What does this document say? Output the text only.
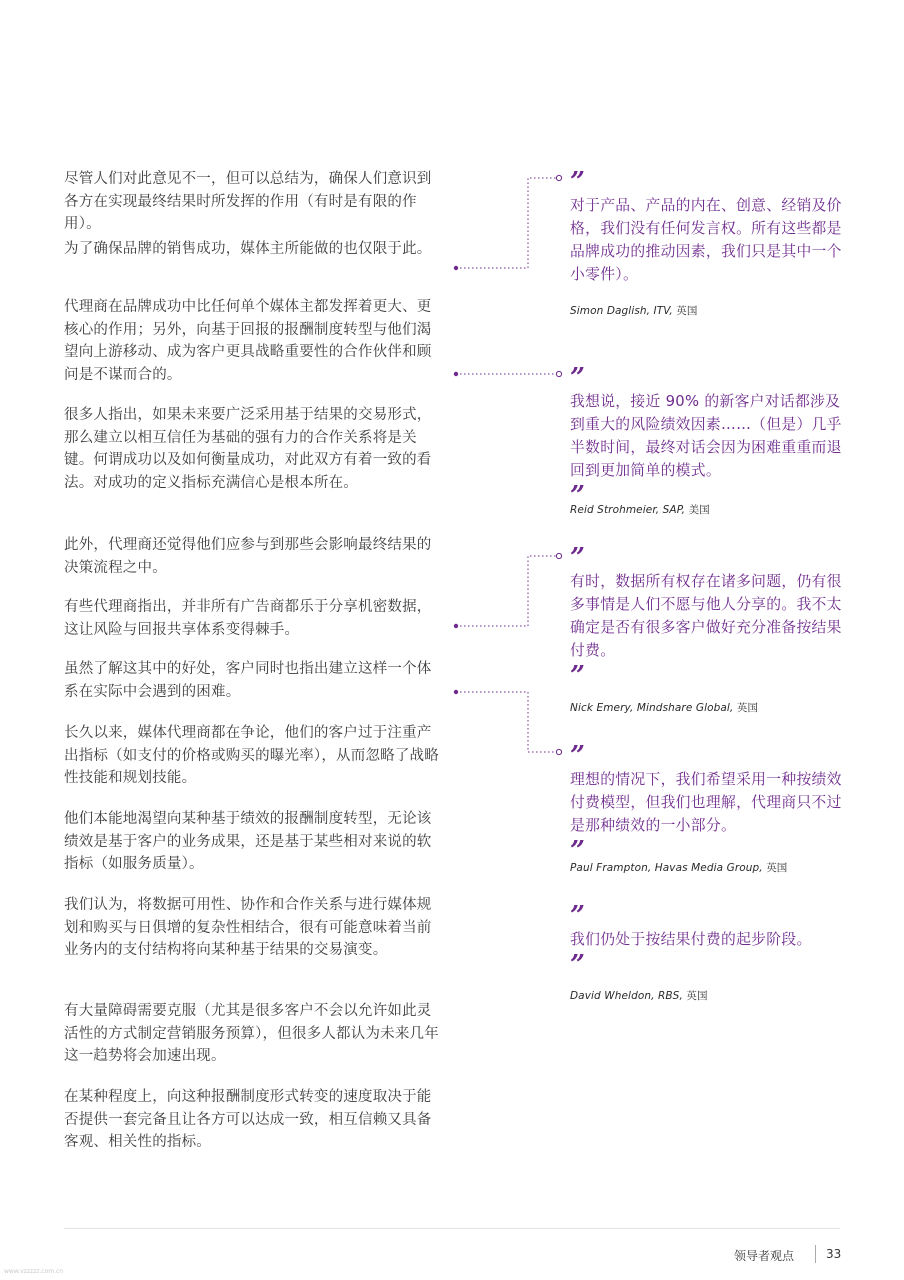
尽管人们对此意见不一，但可以总结为，确保人们意识到各方在实现最终结果时所发挥的作用（有时是有限的作用）。

为了确保品牌的销售成功，媒体主所能做的也仅限于此。

代理商在品牌成功中比任何单个媒体主都发挥着更大、更核心的作用；另外，向基于回报的报酬制度转型与他们渴望向上游移动、成为客户更具战略重要性的合作伙伴和顾问是不谋而合的。

很多人指出，如果未来要广泛采用基于结果的交易形式，那么建立以相互信任为基础的强有力的合作关系将是关键。何谓成功以及如何衡量成功，对此双方有着一致的看法。对成功的定义指标充满信心是根本所在。

此外，代理商还觉得他们应参与到那些会影响最终结果的决策流程之中。

有些代理商指出，并非所有广告商都乐于分享机密数据，这让风险与回报共享体系变得棘手。

虽然了解这其中的好处，客户同时也指出建立这样一个体系在实际中会遇到的困难。

长久以来，媒体代理商都在争论，他们的客户过于注重产出指标（如支付的价格或购买的曝光率），从而忽略了战略性技能和规划技能。

他们本能地渴望向某种基于绩效的报酬制度转型，无论该绩效是基于客户的业务成果，还是基于某些相对来说的软指标（如服务质量）。

我们认为，将数据可用性、协作和合作关系与进行媒体规划和购买与日俱增的复杂性相结合，很有可能意味着当前业务内的支付结构将向某种基于结果的交易演变。

有大量障碍需要克服（尤其是很多客户不会以允许如此灵活性的方式制定营销服务预算），但很多人都认为未来几年这一趋势将会加速出现。

在某种程度上，向这种报酬制度形式转变的速度取决于能否提供一套完备且让各方可以达成一致，相互信赖又具备客观、相关性的指标。

”

对于产品、产品的内在、创意、经销及价格，我们没有任何发言权。所有这些都是品牌成功的推动因素，我们只是其中一个小零件）。

Simon Daglish, ITV, 英国
”

我想说，接近 90% 的新客户对话都涉及到重大的风险绩效因素……（但是）几乎半数时间，最终对话会因为困难重重而退回到更加简单的模式。

”
Reid Strohmeier, SAP, 美国
”

有时，数据所有权存在诸多问题，仍有很多事情是人们不愿与他人分享的。我不太确定是否有很多客户做好充分准备按结果付费。

”
Nick Emery, Mindshare Global, 英国
”

理想的情况下，我们希望采用一种按绩效付费模型，但我们也理解，代理商只不过是那种绩效的一小部分。

”
Paul Frampton, Havas Media Group, 英国
”

我们仍处于按结果付费的起步阶段。

”
David Wheldon, RBS, 英国
领导者观点	33
www.vzzzzz.com.cn
